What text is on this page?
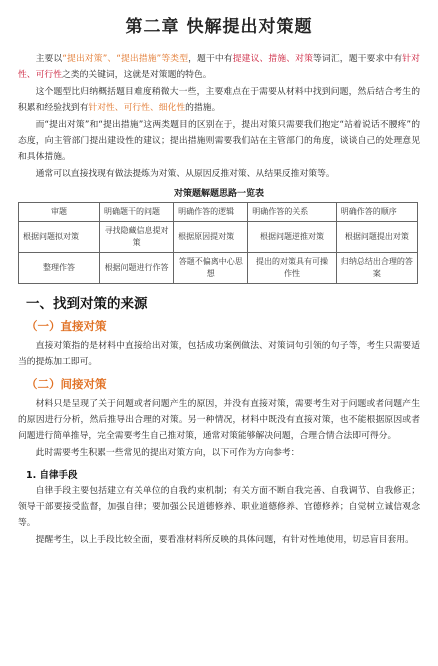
第二章 快解提出对策题

主要以“提出对策”、“提出措施”等类型，题干中有提建议、措施、对策等词汇，题干要求中有针对性、可行性之类的关键词，这就是对策题的特色。

这个题型比归纳概括题目难度稍微大一些，主要难点在于需要从材料中找到问题，然后结合考生的积累和经验找到有针对性、可行性、细化性的措施。

而“提出对策”和“提出措施”这两类题目的区别在于，提出对策只需要我们抱定“站着说话不腰疼”的态度，向主管部门提出建设性的建议；提出措施则需要我们站在主管部门的角度，谈谈自己的处理意见和具体措施。

通常可以直接找现有做法提炼为对策、从原因反推对策、从结果反推对策等。

对策题解题思路一览表
审题	明确题干的问题	明确作答的逻辑	明确作答的关系	明确作答的顺序
根据问题拟对策	寻找隐藏信息提对策	根据原因提对策	根据问题逆推对策	根据问题提出对策
整理作答	根据问题进行作答	答题不偏离中心思想	提出的对策具有可操作性	归纳总结出合理的答案
一、找到对策的来源
（一）直接对策

直接对策指的是材料中直接给出对策，包括成功案例做法、对策词句引领的句子等，考生只需要适当的提炼加工即可。

（二）间接对策

材料只是呈现了关于问题或者问题产生的原因，并没有直接对策，需要考生对于问题或者问题产生的原因进行分析，然后推导出合理的对策。另一种情况，材料中既没有直接对策，也不能根据原因或者问题进行简单推导，完全需要考生自己推对策，通常对策能够解决问题，合理合情合法即可得分。

此时需要考生积累一些常见的提出对策方向，以下可作为方向参考：

1. 自律手段

自律手段主要包括建立有关单位的自我约束机制；有关方面不断自我完善、自我调节、自我修正；领导干部要接受监督，加强自律；要加强公民道德修养、职业道德修养、官德修养；自觉树立诚信观念等。

提醒考生，以上手段比较全面，要看准材料所反映的具体问题，有针对性地使用，切忌盲目套用。
